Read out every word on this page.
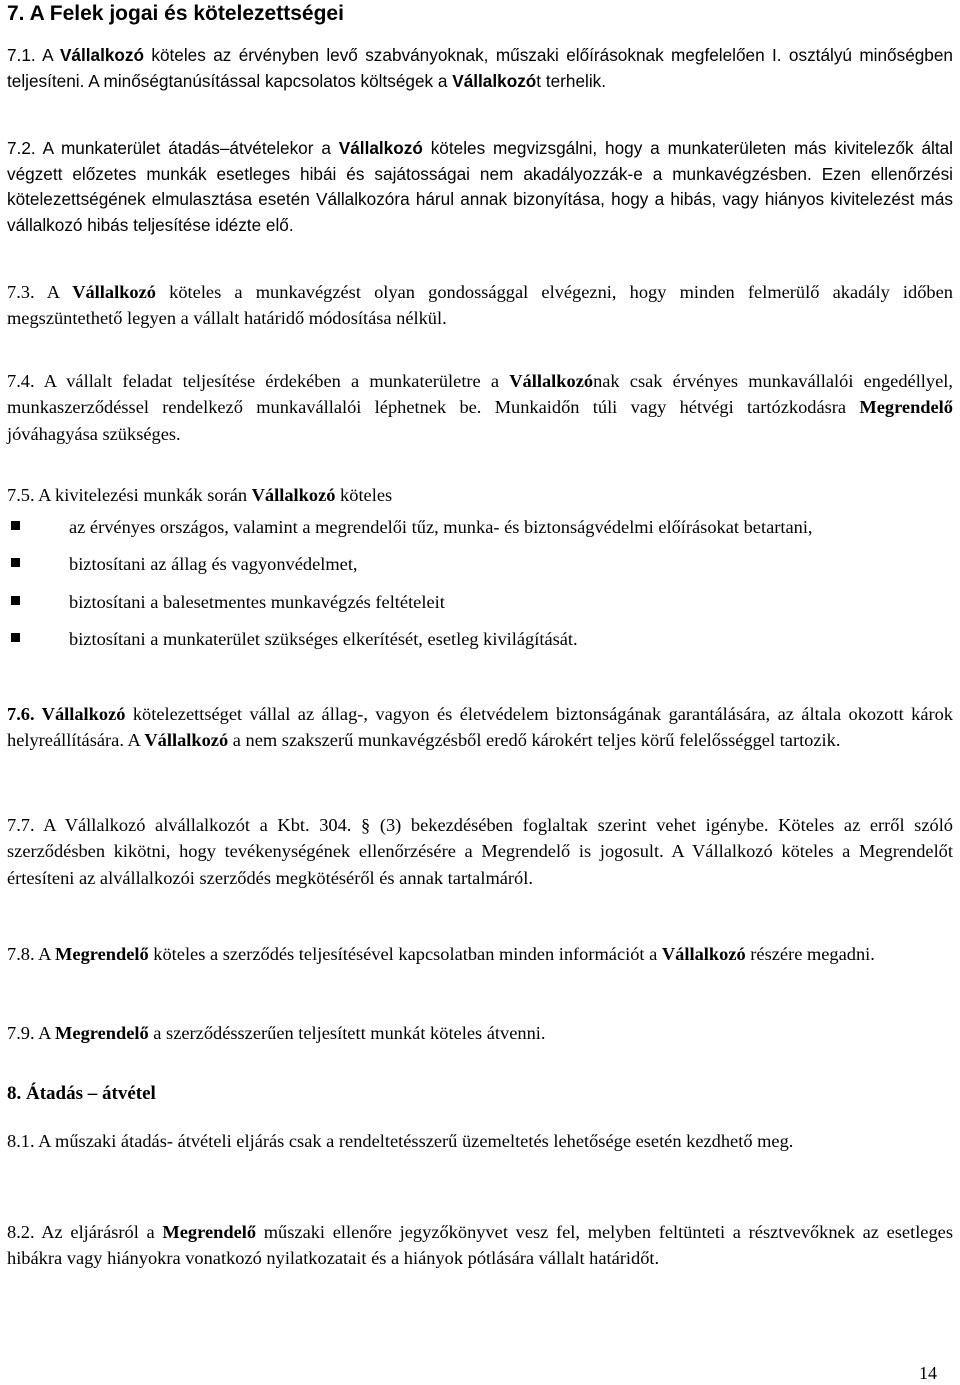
7. A Felek jogai és kötelezettségei

7.1. A Vállalkozó köteles az érvényben levő szabványoknak, műszaki előírásoknak megfelelően I. osztályú minőségben teljesíteni. A minőségtanúsítással kapcsolatos költségek a Vállalkozót terhelik.

7.2. A munkaterület átadás–átvételekor a Vállalkozó köteles megvizsgálni, hogy a munkaterületen más kivitelezők által végzett előzetes munkák esetleges hibái és sajátosságai nem akadályozzák-e a munkavégzésben. Ezen ellenőrzési kötelezettségének elmulasztása esetén Vállalkozóra hárul annak bizonyítása, hogy a hibás, vagy hiányos kivitelezést más vállalkozó hibás teljesítése idézte elő.

7.3. A Vállalkozó köteles a munkavégzést olyan gondossággal elvégezni, hogy minden felmerülő akadály időben megszüntethető legyen a vállalt határidő módosítása nélkül.

7.4. A vállalt feladat teljesítése érdekében a munkaterületre a Vállalkozónak csak érvényes munkavállalói engedéllyel, munkaszerződéssel rendelkező munkavállalói léphetnek be. Munkaidőn túli vagy hétvégi tartózkodásra Megrendelő jóváhagyása szükséges.

7.5. A kivitelezési munkák során Vállalkozó köteles

az érvényes országos, valamint a megrendelői tűz, munka- és biztonságvédelmi előírásokat betartani,
biztosítani az állag és vagyonvédelmet,
biztosítani a balesetmentes munkavégzés feltételeit
biztosítani a munkaterület szükséges elkerítését, esetleg kivilágítását.

7.6. Vállalkozó kötelezettséget vállal az állag-, vagyon és életvédelem biztonságának garantálására, az általa okozott károk helyreállítására. A Vállalkozó a nem szakszerű munkavégzésből eredő károkért teljes körű felelősséggel tartozik.

7.7. A Vállalkozó alvállalkozót a Kbt. 304. § (3) bekezdésében foglaltak szerint vehet igénybe. Köteles az erről szóló szerződésben kikötni, hogy tevékenységének ellenőrzésére a Megrendelő is jogosult. A Vállalkozó köteles a Megrendelőt értesíteni az alvállalkozói szerződés megkötéséről és annak tartalmáról.

7.8. A Megrendelő köteles a szerződés teljesítésével kapcsolatban minden információt a Vállalkozó részére megadni.

7.9. A Megrendelő a szerződésszerűen teljesített munkát köteles átvenni.

8. Átadás – átvétel

8.1. A műszaki átadás- átvételi eljárás csak a rendeltetésszerű üzemeltetés lehetősége esetén kezdhető meg.

8.2. Az eljárásról a Megrendelő műszaki ellenőre jegyzőkönyvet vesz fel, melyben feltünteti a résztvevőknek az esetleges hibákra vagy hiányokra vonatkozó nyilatkozatait és a hiányok pótlására vállalt határidőt.

14
